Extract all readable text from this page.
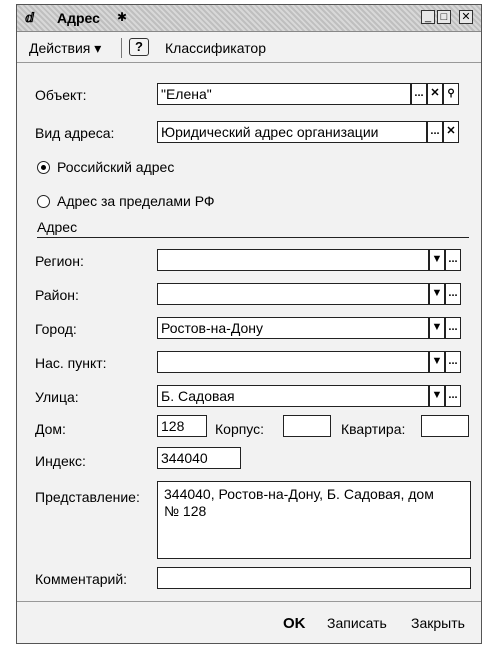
ⅆ Адрес ✱	_ □	✕
Действия ▾	?	Классификатор
Объект:	"Елена"	... ✕ ⚲
Вид адреса:	Юридический адрес организации	... ✕
Российский адрес
Адрес за пределами РФ
Адрес
Регион:	▼ ...
Район:	▼ ...
Город:	Ростов-на-Дону	▼ ...
Нас. пункт:	▼ ...
Улица:	Б. Садовая	▼ ...
Дом:	128	Корпус:	Квартира:
Индекс:	344040
Представление:	344040, Ростов-на-Дону, Б. Садовая, дом
№ 128
Комментарий:
OK Записать Закрыть
